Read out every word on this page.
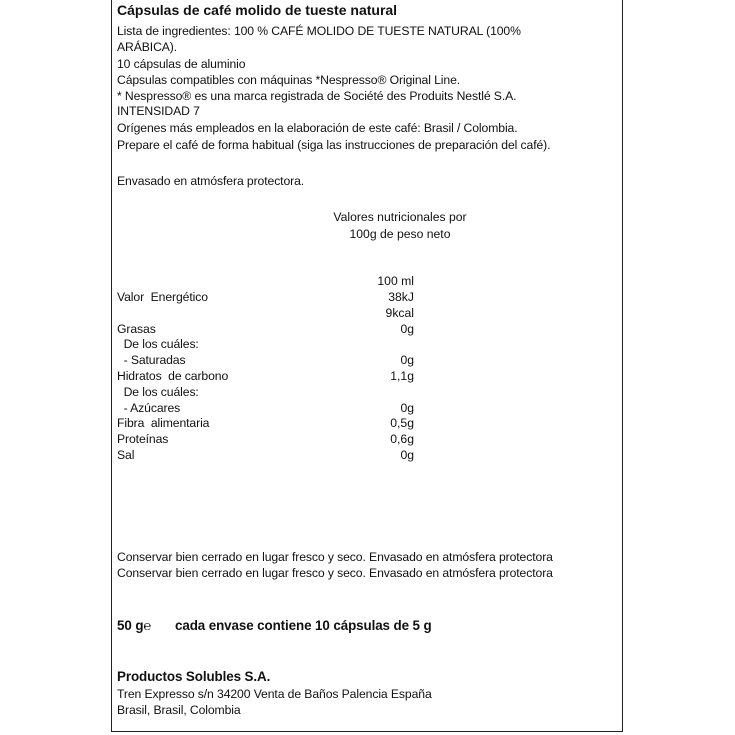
Cápsulas de café molido de tueste natural
Lista de ingredientes: 100 % CAFÉ MOLIDO DE TUESTE NATURAL (100%
ARÁBICA).
10 cápsulas de aluminio
Cápsulas compatibles con máquinas *Nespresso® Original Line.
* Nespresso® es una marca registrada de Société des Produits Nestlé S.A.
INTENSIDAD 7
Orígenes más empleados en la elaboración de este café: Brasil / Colombia.
Prepare el café de forma habitual (siga las instrucciones de preparación del café).
Envasado en atmósfera protectora.
Valores nutricionales por
100g de peso neto
100 ml
Valor  Energético	38kJ
9kcal
Grasas	0g
De los cuáles:
- Saturadas	0g
Hidratos  de carbono	1,1g
De los cuáles:
- Azúcares	0g
Fibra  alimentaria	0,5g
Proteínas	0,6g
Sal	0g
Conservar bien cerrado en lugar fresco y seco. Envasado en atmósfera protectora
Conservar bien cerrado en lugar fresco y seco. Envasado en atmósfera protectora
50 g℮ cada envase contiene 10 cápsulas de 5 g
Productos Solubles S.A.
Tren Expresso s/n 34200 Venta de Baños Palencia España
Brasil, Brasil, Colombia
